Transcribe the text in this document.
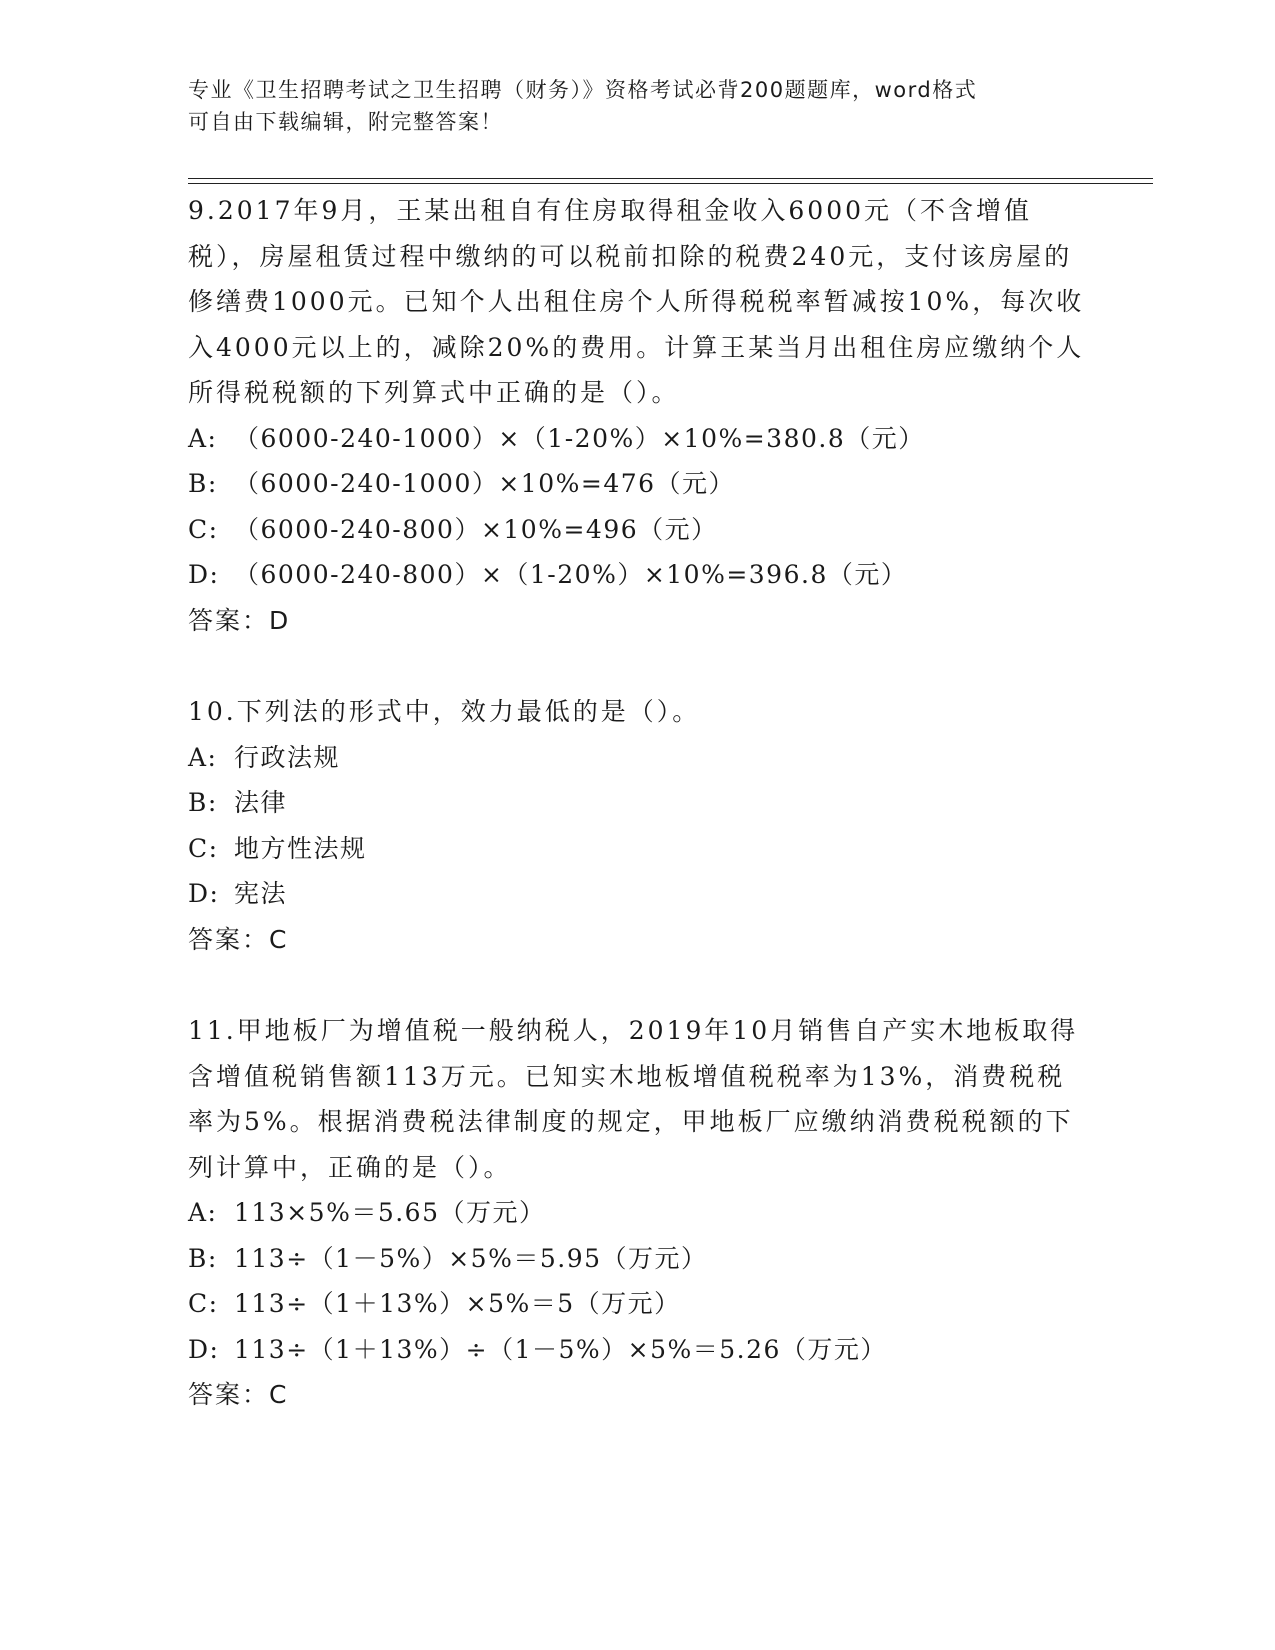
专业《卫生招聘考试之卫生招聘（财务）》资格考试必背200题题库，word格式
可自由下载编辑，附完整答案！

9.2017年9月，王某出租自有住房取得租金收入6000元（不含增值税），房屋租赁过程中缴纳的可以税前扣除的税费240元，支付该房屋的修缮费1000元。已知个人出租住房个人所得税税率暂减按10%，每次收入4000元以上的，减除20%的费用。计算王某当月出租住房应缴纳个人所得税税额的下列算式中正确的是（）。

A: （6000-240-1000）×（1-20%）×10%=380.8（元）

B: （6000-240-1000）×10%=476（元）

C: （6000-240-800）×10%=496（元）

D: （6000-240-800）×（1-20%）×10%=396.8（元）

答案：D

10.下列法的形式中，效力最低的是（）。

A: 行政法规

B: 法律

C: 地方性法规

D: 宪法

答案：C

11.甲地板厂为增值税一般纳税人，2019年10月销售自产实木地板取得含增值税销售额113万元。已知实木地板增值税税率为13%，消费税税率为5%。根据消费税法律制度的规定，甲地板厂应缴纳消费税税额的下列计算中，正确的是（）。

A: 113×5%＝5.65（万元）

B: 113÷（1－5%）×5%＝5.95（万元）

C: 113÷（1＋13%）×5%＝5（万元）

D: 113÷（1＋13%）÷（1－5%）×5%＝5.26（万元）

答案：C
